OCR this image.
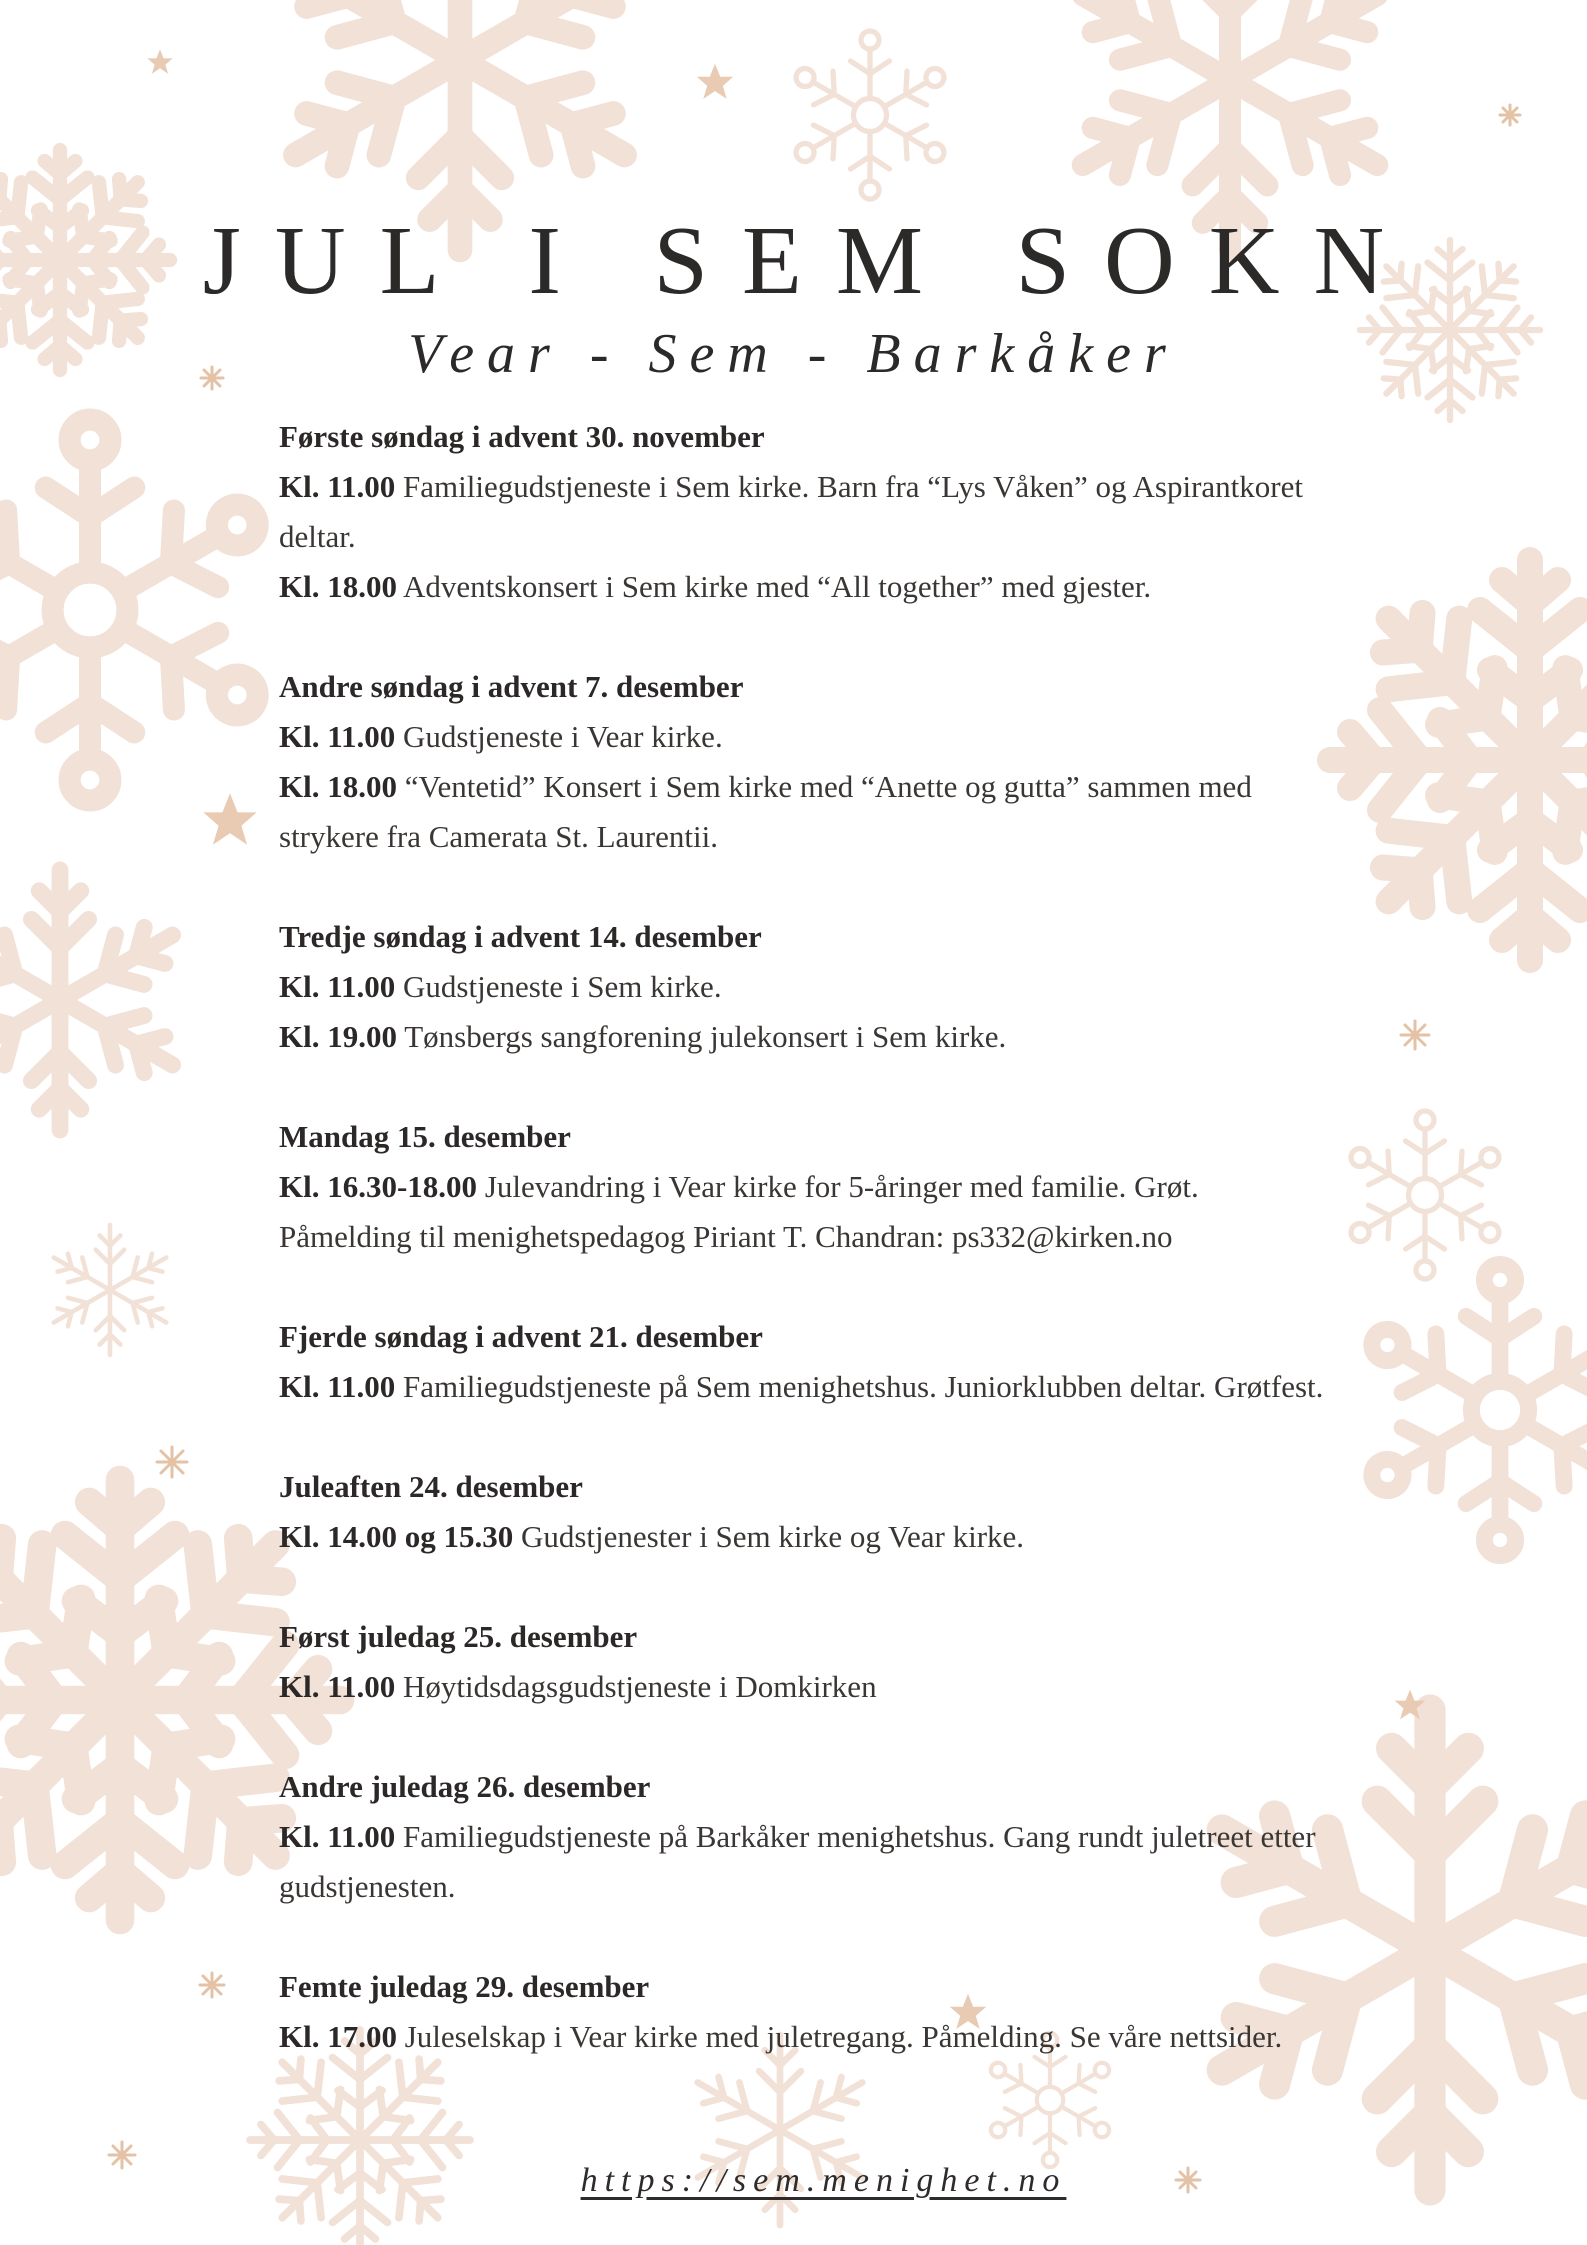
JUL I SEM SOKN
Vear - Sem - Barkåker
Første søndag i advent 30. november
Kl. 11.00 Familiegudstjeneste i Sem kirke. Barn fra “Lys Våken” og Aspirantkoret deltar.
Kl. 18.00 Adventskonsert i Sem kirke med “All together” med gjester.
Andre søndag i advent 7. desember
Kl. 11.00 Gudstjeneste i Vear kirke.
Kl. 18.00 “Ventetid” Konsert i Sem kirke med “Anette og gutta” sammen med strykere fra Camerata St. Laurentii.
Tredje søndag i advent 14. desember
Kl. 11.00 Gudstjeneste i Sem kirke.
Kl. 19.00 Tønsbergs sangforening julekonsert i Sem kirke.
Mandag 15. desember
Kl. 16.30-18.00 Julevandring i Vear kirke for 5-åringer med familie. Grøt. Påmelding til menighetspedagog Piriant T. Chandran: ps332@kirken.no
Fjerde søndag i advent 21. desember
Kl. 11.00 Familiegudstjeneste på Sem menighetshus. Juniorklubben deltar. Grøtfest.
Juleaften 24. desember
Kl. 14.00 og 15.30 Gudstjenester i Sem kirke og Vear kirke.
Først juledag 25. desember
Kl. 11.00 Høytidsdagsgudstjeneste i Domkirken
Andre juledag 26. desember
Kl. 11.00 Familiegudstjeneste på Barkåker menighetshus. Gang rundt juletreet etter gudstjenesten.
Femte juledag 29. desember
Kl. 17.00 Juleselskap i Vear kirke med juletregang. Påmelding. Se våre nettsider.
https://sem.menighet.no
